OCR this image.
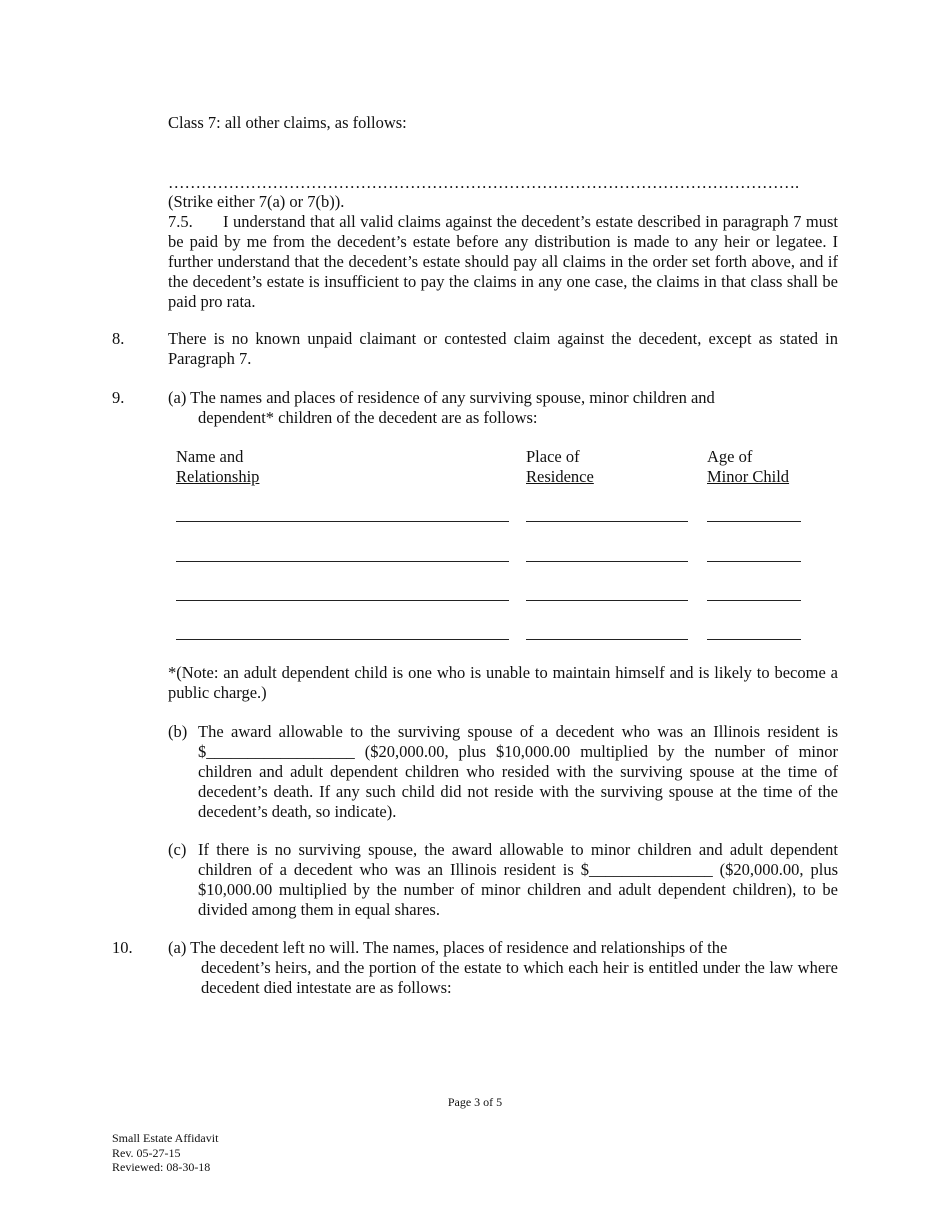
Class 7: all other claims, as follows:
…………………………………………………………………………………………………….
(Strike either 7(a) or 7(b)).
7.5. I understand that all valid claims against the decedent’s estate described in paragraph 7 must be paid by me from the decedent’s estate before any distribution is made to any heir or legatee. I further understand that the decedent’s estate should pay all claims in the order set forth above, and if the decedent’s estate is insufficient to pay the claims in any one case, the claims in that class shall be paid pro rata.
8.	There is no known unpaid claimant or contested claim against the decedent, except as stated in Paragraph 7.
9.	(a) The names and places of residence of any surviving spouse, minor children and
dependent* children of the decedent are as follows:
Name and
Relationship
Place of
Residence
Age of
Minor Child
*(Note: an adult dependent child is one who is unable to maintain himself and is likely to become a public charge.)
(b) The award allowable to the surviving spouse of a decedent who was an Illinois resident is $__________________ ($20,000.00, plus $10,000.00 multiplied by the number of minor children and adult dependent children who resided with the surviving spouse at the time of decedent’s death. If any such child did not reside with the surviving spouse at the time of the decedent’s death, so indicate).
(c) If there is no surviving spouse, the award allowable to minor children and adult dependent children of a decedent who was an Illinois resident is $_______________ ($20,000.00, plus $10,000.00 multiplied by the number of minor children and adult dependent children), to be divided among them in equal shares.
10. (a) The decedent left no will. The names, places of residence and relationships of the
decedent’s heirs, and the portion of the estate to which each heir is entitled under the law where decedent died intestate are as follows:
Page 3 of 5
Small Estate Affidavit
Rev. 05-27-15
Reviewed: 08-30-18
